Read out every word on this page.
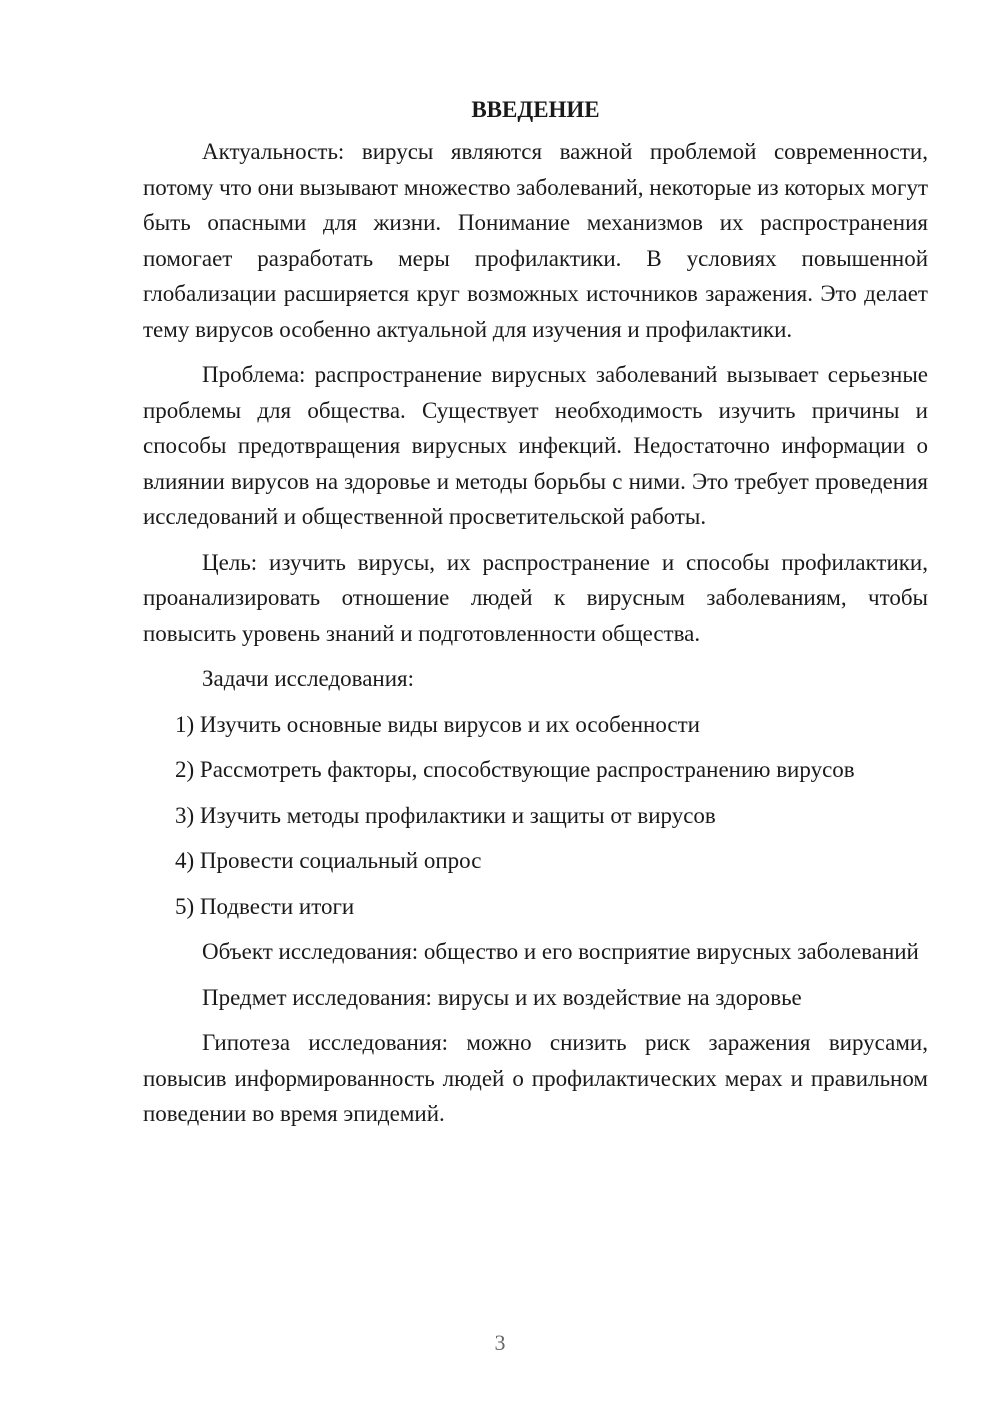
ВВЕДЕНИЕ

Актуальность: вирусы являются важной проблемой современности, потому что они вызывают множество заболеваний, некоторые из которых могут быть опасными для жизни. Понимание механизмов их распространения помогает разработать меры профилактики. В условиях повышенной глобализации расширяется круг возможных источников заражения. Это делает тему вирусов особенно актуальной для изучения и профилактики.

Проблема: распространение вирусных заболеваний вызывает серьезные проблемы для общества. Существует необходимость изучить причины и способы предотвращения вирусных инфекций. Недостаточно информации о влиянии вирусов на здоровье и методы борьбы с ними. Это требует проведения исследований и общественной просветительской работы.

Цель: изучить вирусы, их распространение и способы профилактики, проанализировать отношение людей к вирусным заболеваниям, чтобы повысить уровень знаний и подготовленности общества.

Задачи исследования:

1) Изучить основные виды вирусов и их особенности
2) Рассмотреть факторы, способствующие распространению вирусов
3) Изучить методы профилактики и защиты от вирусов
4) Провести социальный опрос
5) Подвести итоги

Объект исследования: общество и его восприятие вирусных заболеваний

Предмет исследования: вирусы и их воздействие на здоровье

Гипотеза исследования: можно снизить риск заражения вирусами, повысив информированность людей о профилактических мерах и правильном поведении во время эпидемий.

3
